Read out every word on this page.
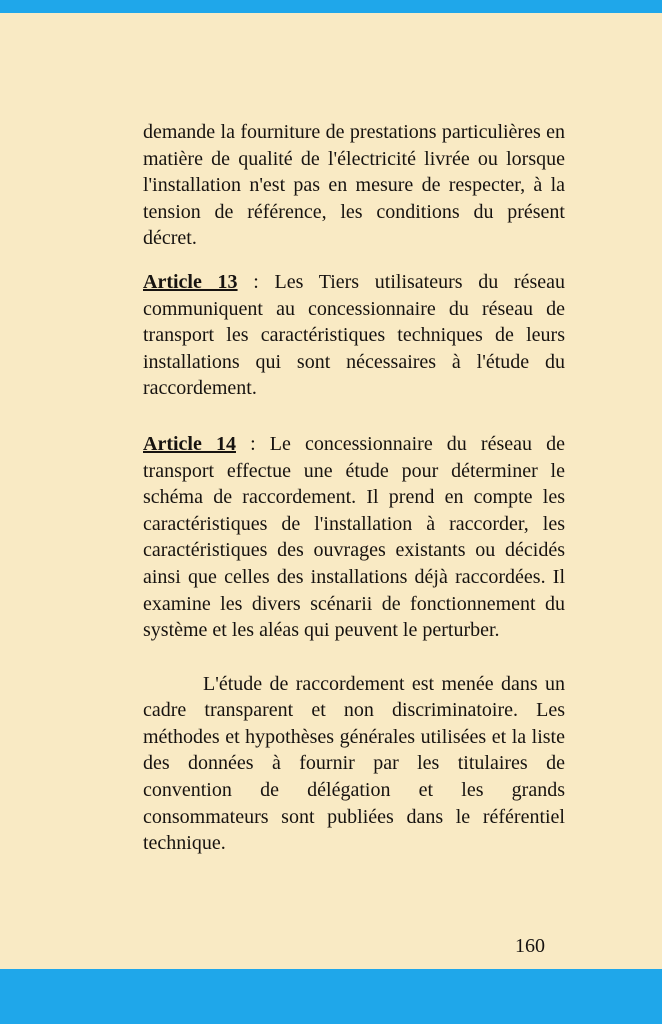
demande la fourniture de prestations particulières en matière de qualité de l'électricité livrée ou lorsque l'installation n'est pas en mesure de respecter, à la tension de référence, les conditions du présent décret.

Article 13 : Les Tiers utilisateurs du réseau communiquent au concessionnaire du réseau de transport les caractéristiques techniques de leurs installations qui sont nécessaires à l'étude du raccordement.

Article 14 : Le concessionnaire du réseau de transport effectue une étude pour déterminer le schéma de raccordement. Il prend en compte les caractéristiques de l'installation à raccorder, les caractéristiques des ouvrages existants ou décidés ainsi que celles des installations déjà raccordées. Il examine les divers scénarii de fonctionnement du système et les aléas qui peuvent le perturber.

L'étude de raccordement est menée dans un cadre transparent et non discriminatoire. Les méthodes et hypothèses générales utilisées et la liste des données à fournir par les titulaires de convention de délégation et les grands consommateurs sont publiées dans le référentiel technique.

160
